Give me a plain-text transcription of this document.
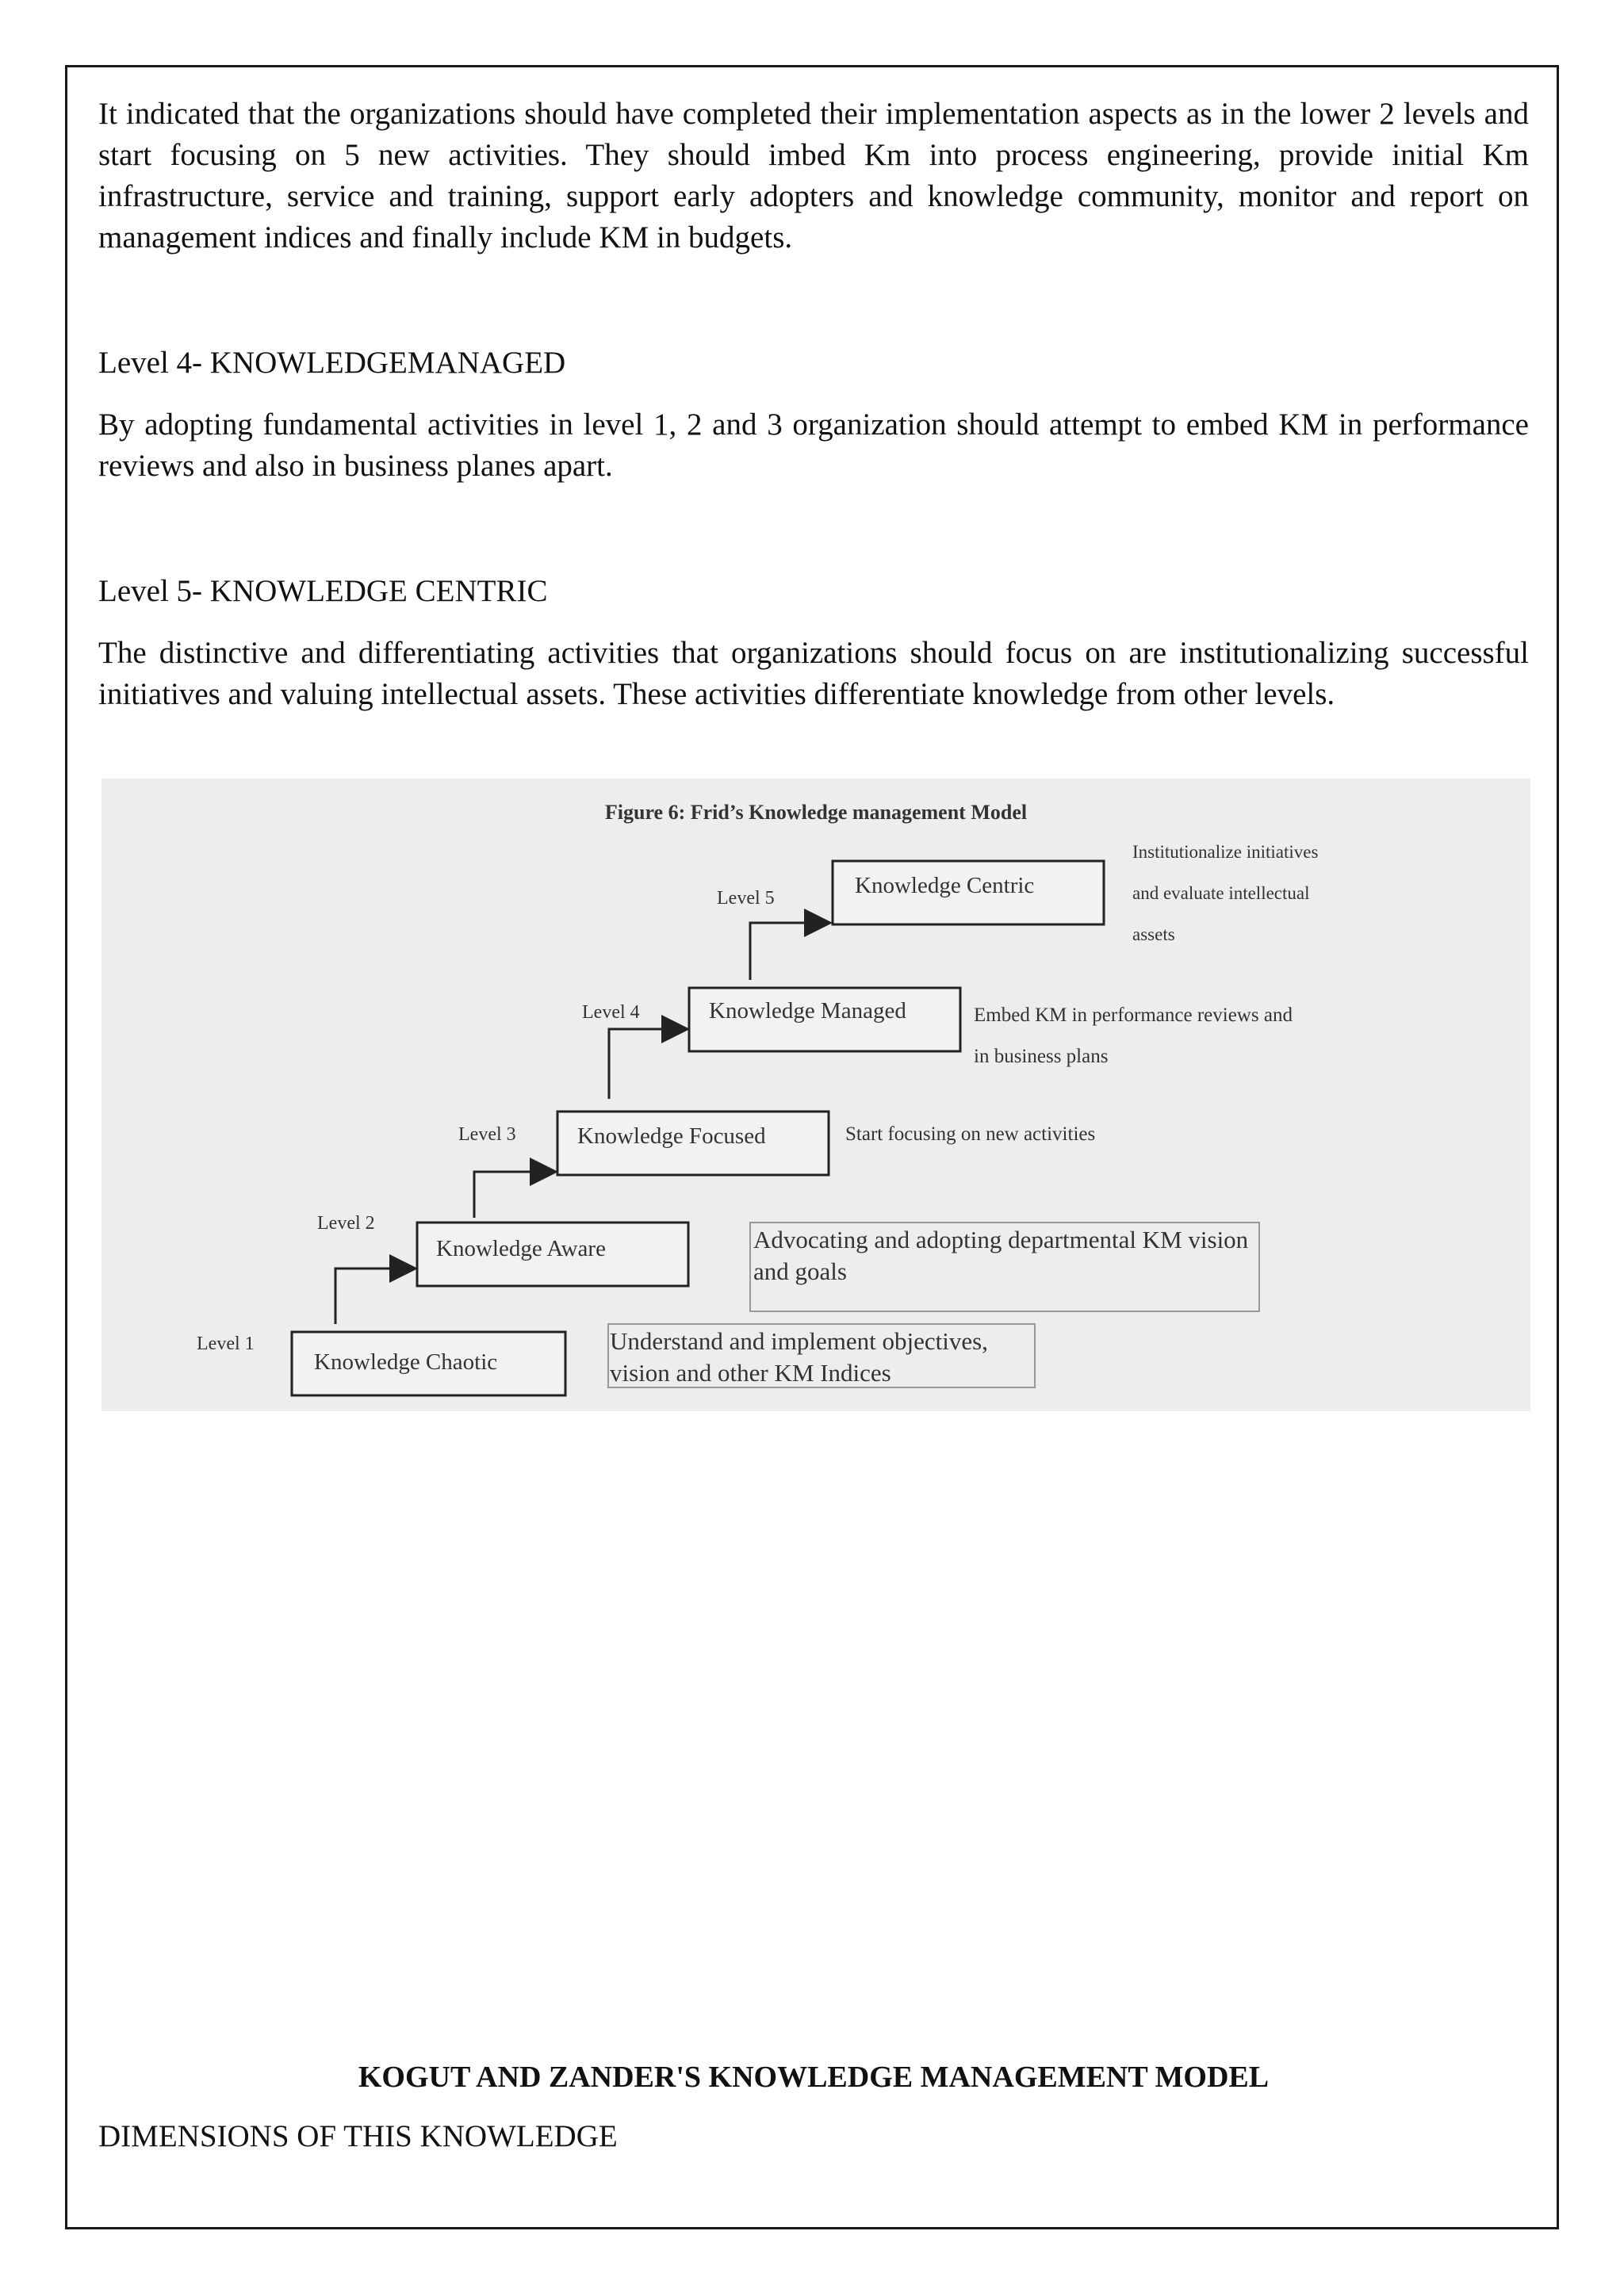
It indicated that the organizations should have completed their implementation aspects as in the lower 2 levels and start focusing on 5 new activities. They should imbed Km into process engineering, provide initial Km infrastructure, service and training, support early adopters and knowledge community, monitor and report on management indices and finally include KM in budgets.

Level 4- KNOWLEDGEMANAGED

By adopting fundamental activities in level 1, 2 and 3 organization should attempt to embed KM in performance reviews and also in business planes apart.

Level 5- KNOWLEDGE CENTRIC

The distinctive and differentiating activities that organizations should focus on are institutionalizing successful initiatives and valuing intellectual assets. These activities differentiate knowledge from other levels.

Figure 6: Frid’s Knowledge management Model
Level 1
Knowledge Chaotic
Understand and implement objectives,
vision and other KM Indices
Level 2
Knowledge Aware	Advocating and adopting departmental KM vision
and goals
Level 3	Knowledge Focused	Start focusing on new activities
Level 4	Knowledge Managed	Embed KM in performance reviews and
in business plans
Level 5	Knowledge Centric
Institutionalize initiatives
and evaluate intellectual
assets

KOGUT AND ZANDER'S KNOWLEDGE MANAGEMENT MODEL

DIMENSIONS OF THIS KNOWLEDGE
